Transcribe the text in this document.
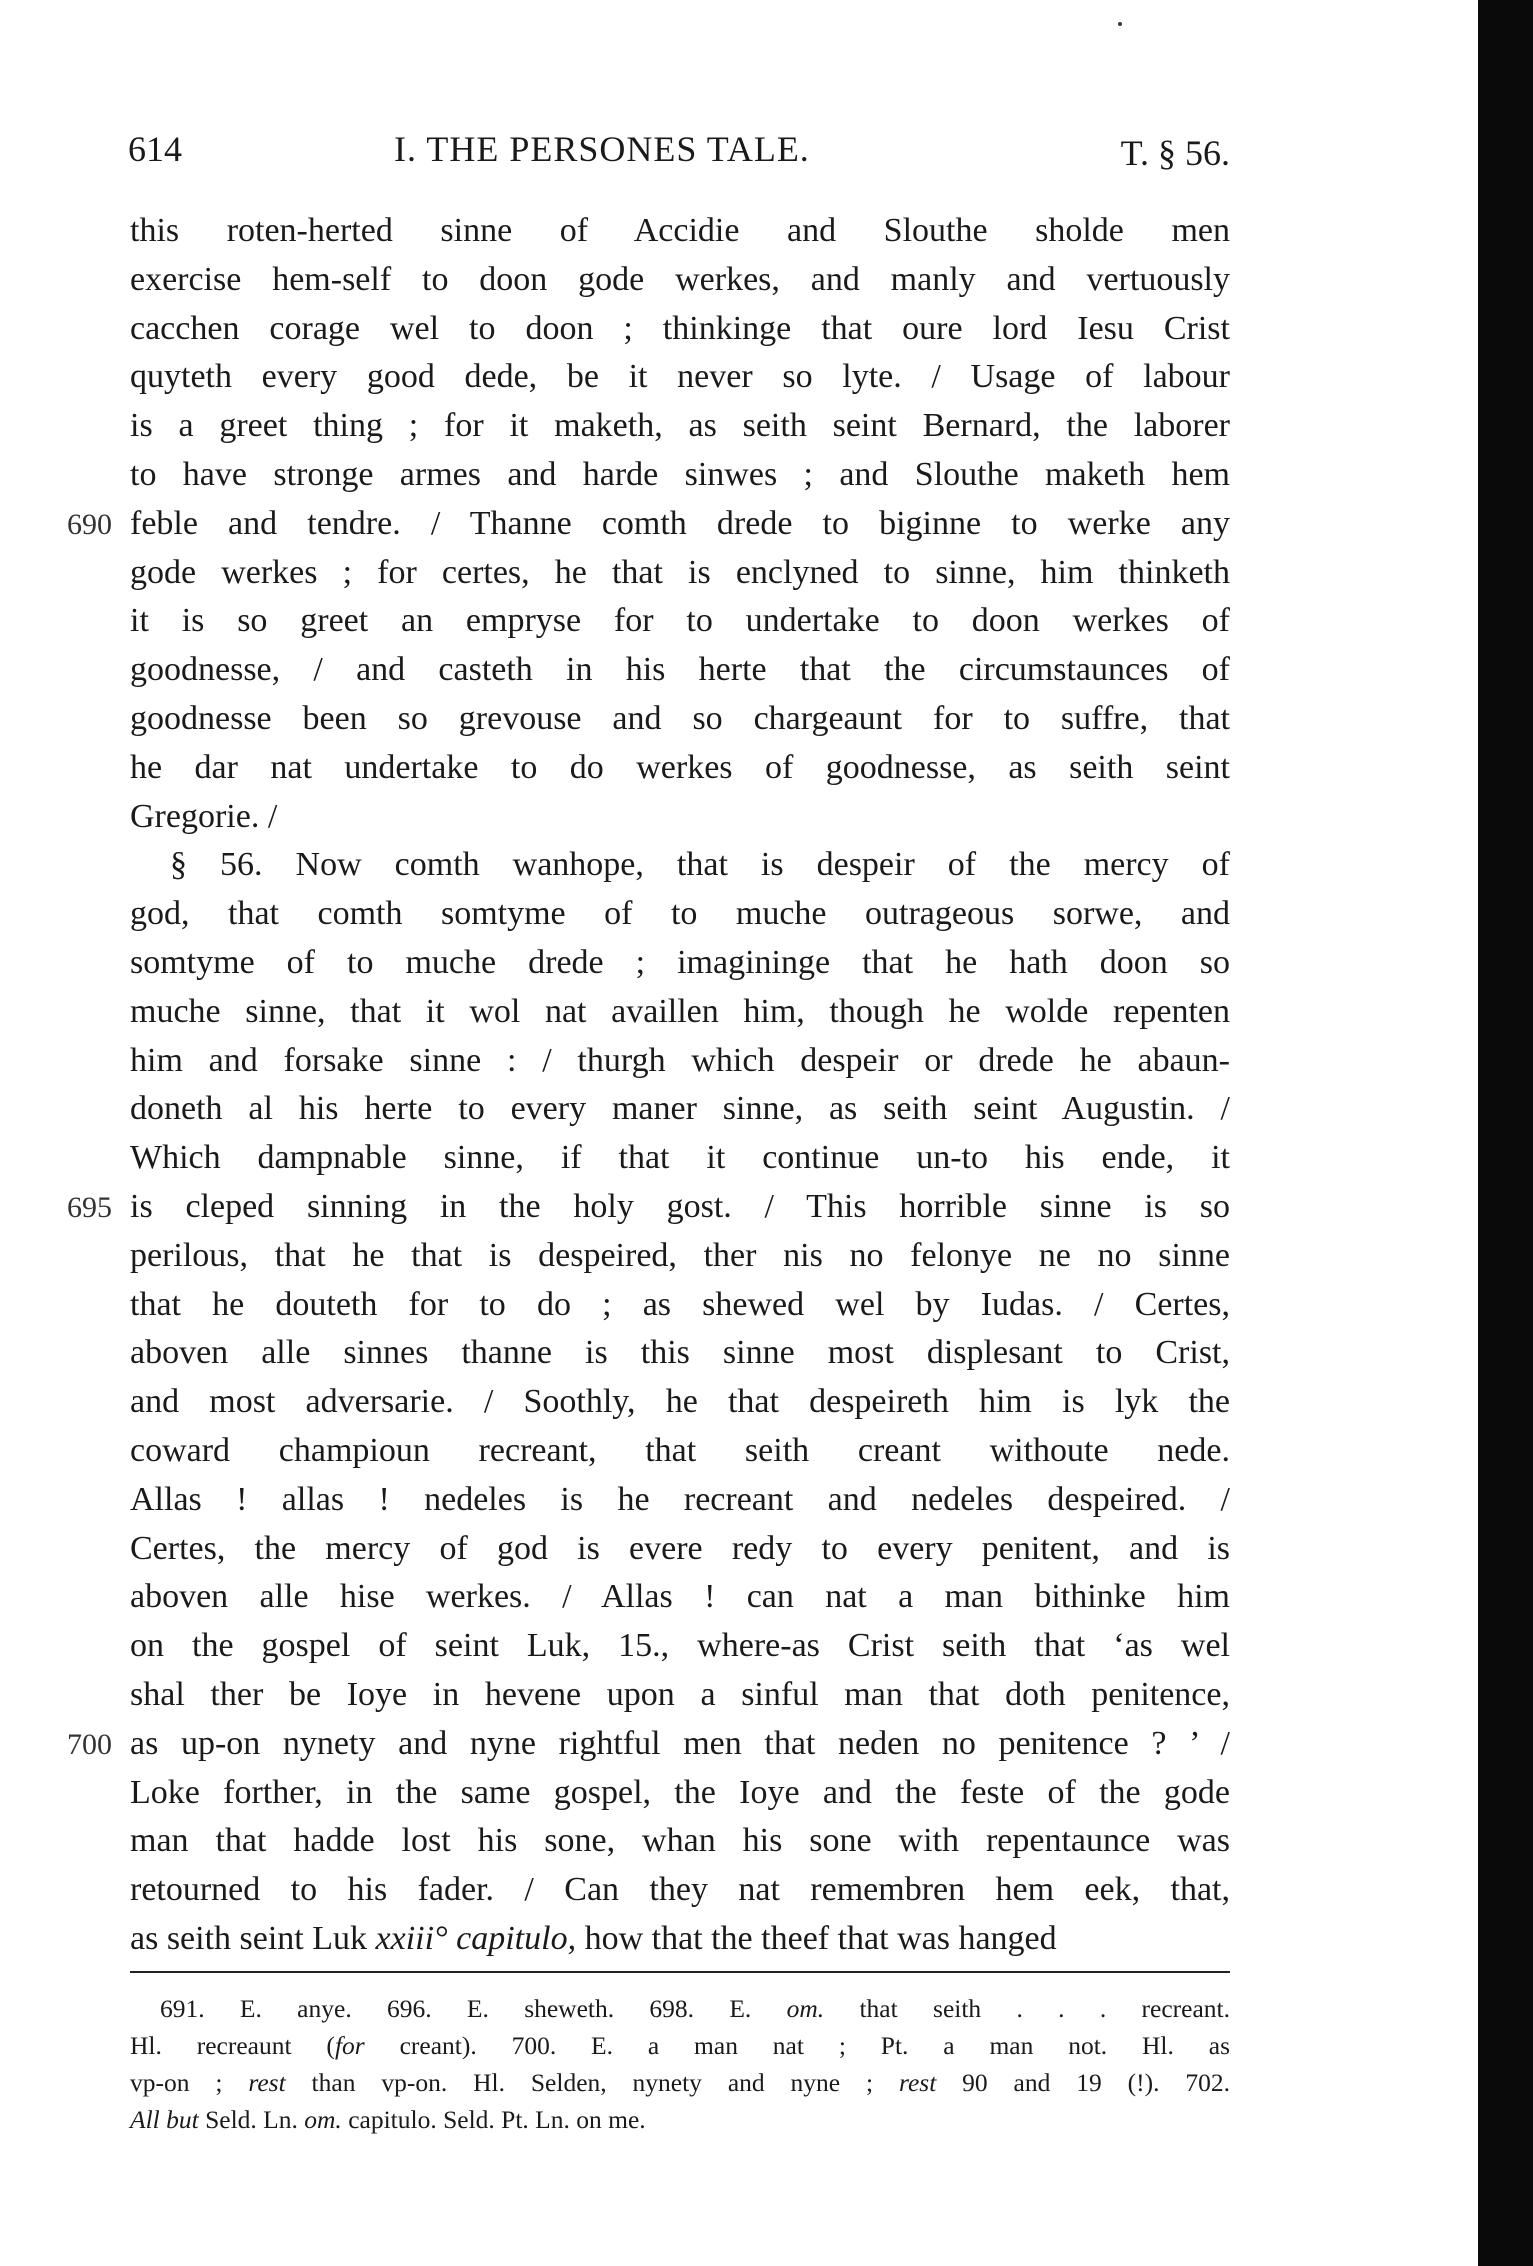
614	I. THE PERSONES TALE.	T. § 56.
this roten-herted sinne of Accidie and Slouthe sholde men
exercise hem-self to doon gode werkes, and manly and vertuously
cacchen corage wel to doon ; thinkinge that oure lord Iesu Crist
quyteth every good dede, be it never so lyte. / Usage of labour
is a greet thing ; for it maketh, as seith seint Bernard, the laborer
to have stronge armes and harde sinwes ; and Slouthe maketh hem
feble and tendre. / Thanne comth drede to biginne to werke any
gode werkes ; for certes, he that is enclyned to sinne, him thinketh
it is so greet an empryse for to undertake to doon werkes of
goodnesse, / and casteth in his herte that the circumstaunces of
goodnesse been so grevouse and so chargeaunt for to suffre, that
he dar nat undertake to do werkes of goodnesse, as seith seint
Gregorie. /
§ 56. Now comth wanhope, that is despeir of the mercy of
god, that comth somtyme of to muche outrageous sorwe, and
somtyme of to muche drede ; imagininge that he hath doon so
muche sinne, that it wol nat availlen him, though he wolde repenten
him and forsake sinne : / thurgh which despeir or drede he abaun-
doneth al his herte to every maner sinne, as seith seint Augustin. /
Which dampnable sinne, if that it continue un-to his ende, it
is cleped sinning in the holy gost. / This horrible sinne is so
perilous, that he that is despeired, ther nis no felonye ne no sinne
that he douteth for to do ; as shewed wel by Iudas. / Certes,
aboven alle sinnes thanne is this sinne most displesant to Crist,
and most adversarie. / Soothly, he that despeireth him is lyk the
coward champioun recreant, that seith creant withoute nede.
Allas ! allas ! nedeles is he recreant and nedeles despeired. /
Certes, the mercy of god is evere redy to every penitent, and is
aboven alle hise werkes. / Allas ! can nat a man bithinke him
on the gospel of seint Luk, 15., where-as Crist seith that ‘as wel
shal ther be Ioye in hevene upon a sinful man that doth penitence,
as up-on nynety and nyne rightful men that neden no penitence ? ’ /
Loke forther, in the same gospel, the Ioye and the feste of the gode
man that hadde lost his sone, whan his sone with repentaunce was
retourned to his fader. / Can they nat remembren hem eek, that,
as seith seint Luk xxiii° capitulo, how that the theef that was hanged
690
695
700
691. E. anye. 696. E. sheweth. 698. E. om. that seith . . . recreant.
Hl. recreaunt (for creant). 700. E. a man nat ; Pt. a man not. Hl. as
vp-on ; rest than vp-on. Hl. Selden, nynety and nyne ; rest 90 and 19 (!). 702.
All but Seld. Ln. om. capitulo. Seld. Pt. Ln. on me.
